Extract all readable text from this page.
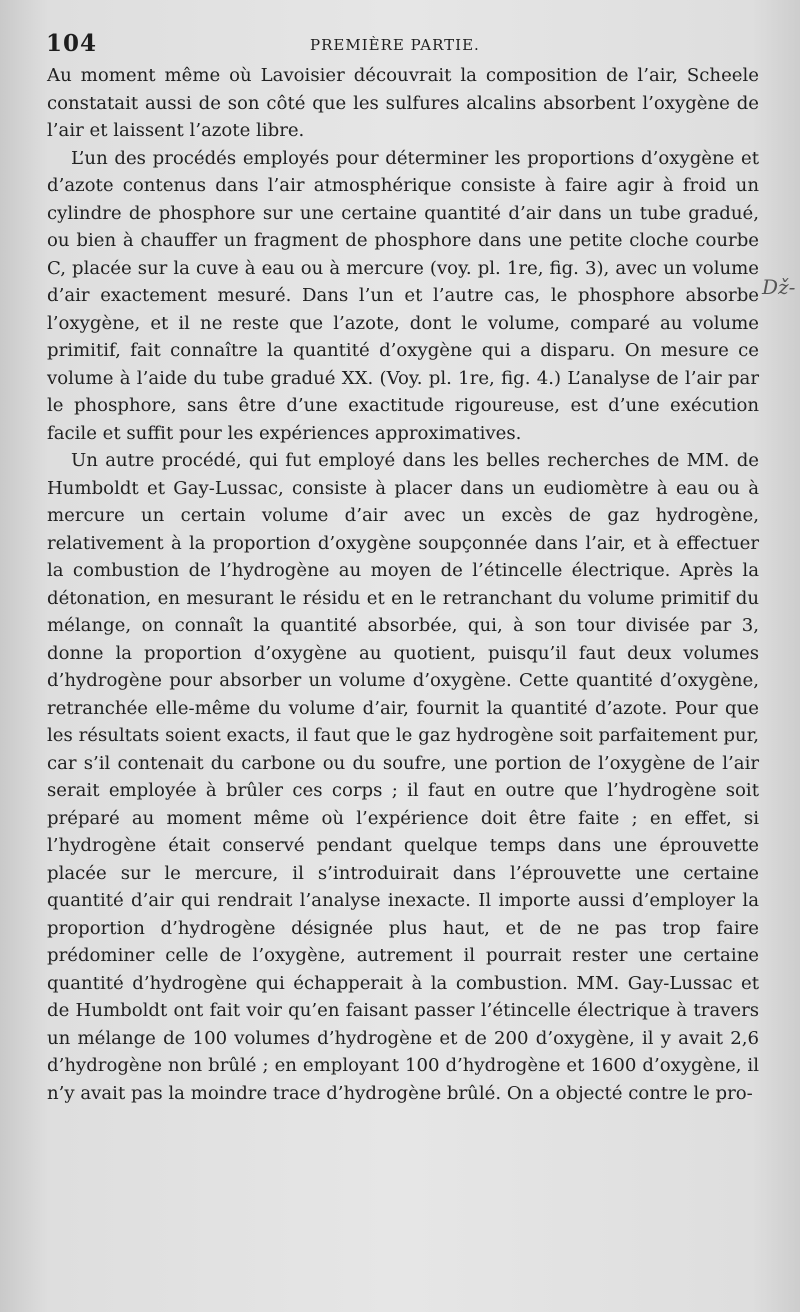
104	PREMIÈRE PARTIE.
ǅ-

Au moment même où Lavoisier découvrait la composition de l’air, Scheele constatait aussi de son côté que les sulfures alcalins absorbent l’oxygène de l’air et laissent l’azote libre.

L’un des procédés employés pour déterminer les proportions d’oxygène et d’azote contenus dans l’air atmosphérique consiste à faire agir à froid un cylindre de phosphore sur une certaine quantité d’air dans un tube gradué, ou bien à chauffer un fragment de phosphore dans une petite cloche courbe C, placée sur la cuve à eau ou à mercure (voy. pl. 1re, fig. 3), avec un volume d’air exactement mesuré. Dans l’un et l’autre cas, le phosphore absorbe l’oxygène, et il ne reste que l’azote, dont le volume, comparé au volume primitif, fait connaître la quantité d’oxygène qui a disparu. On mesure ce volume à l’aide du tube gradué XX. (Voy. pl. 1re, fig. 4.) L’analyse de l’air par le phosphore, sans être d’une exactitude rigoureuse, est d’une exécution facile et suffit pour les expériences approximatives.

Un autre procédé, qui fut employé dans les belles recherches de MM. de Humboldt et Gay-Lussac, consiste à placer dans un eudiomètre à eau ou à mercure un certain volume d’air avec un excès de gaz hydrogène, relativement à la proportion d’oxygène soupçonnée dans l’air, et à effectuer la combustion de l’hydrogène au moyen de l’étincelle électrique. Après la détonation, en mesurant le résidu et en le retranchant du volume primitif du mélange, on connaît la quantité absorbée, qui, à son tour divisée par 3, donne la proportion d’oxygène au quotient, puisqu’il faut deux volumes d’hydrogène pour absorber un volume d’oxygène. Cette quantité d’oxygène, retranchée elle-même du volume d’air, fournit la quantité d’azote. Pour que les résultats soient exacts, il faut que le gaz hydrogène soit parfaitement pur, car s’il contenait du carbone ou du soufre, une portion de l’oxygène de l’air serait employée à brûler ces corps ; il faut en outre que l’hydrogène soit préparé au moment même où l’expérience doit être faite ; en effet, si l’hydrogène était conservé pendant quelque temps dans une éprouvette placée sur le mercure, il s’introduirait dans l’éprouvette une certaine quantité d’air qui rendrait l’analyse inexacte. Il importe aussi d’employer la proportion d’hydrogène désignée plus haut, et de ne pas trop faire prédominer celle de l’oxygène, autrement il pourrait rester une certaine quantité d’hydrogène qui échapperait à la combustion. MM. Gay-Lussac et de Humboldt ont fait voir qu’en faisant passer l’étincelle électrique à travers un mélange de 100 volumes d’hydrogène et de 200 d’oxygène, il y avait 2,6 d’hydrogène non brûlé ; en employant 100 d’hydrogène et 1600 d’oxygène, il n’y avait pas la moindre trace d’hydrogène brûlé. On a objecté contre le pro-
